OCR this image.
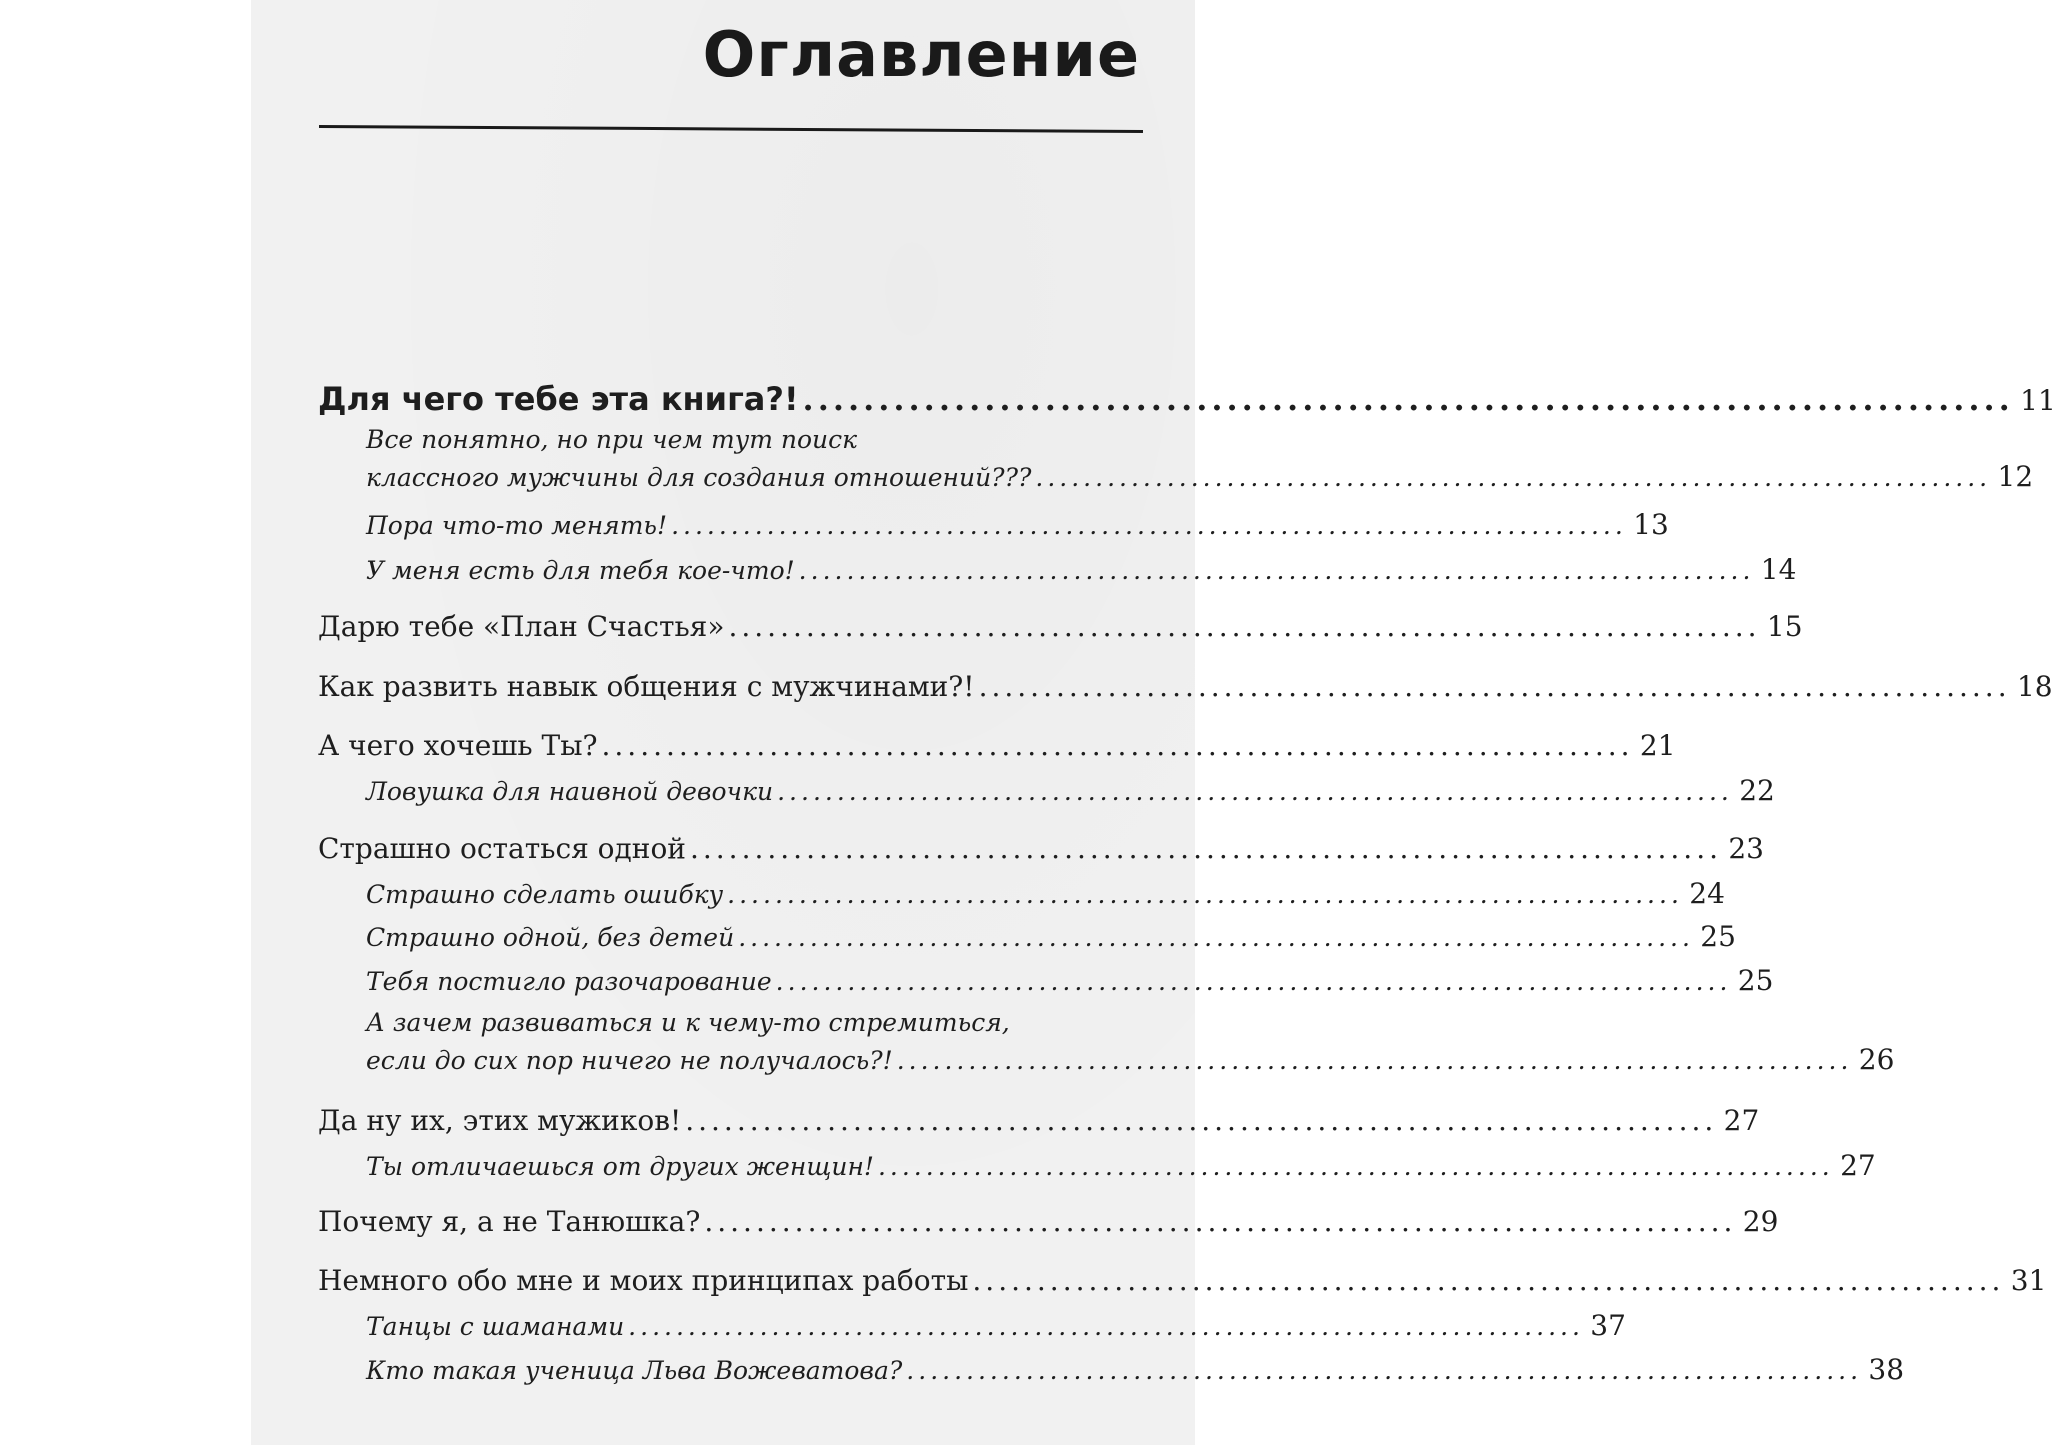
Оглавление
Для чего тебе эта книга?! ................................................................................ 11
Все понятно, но при чем тут поиск
классного мужчины для создания отношений??? ................................................................................ 12
Пора что-то менять! ................................................................................ 13
У меня есть для тебя кое-что! ................................................................................ 14
Дарю тебе «План Счастья» ................................................................................ 15
Как развить навык общения с мужчинами?! ................................................................................ 18
А чего хочешь Ты? ................................................................................ 21
Ловушка для наивной девочки ................................................................................ 22
Страшно остаться одной ................................................................................ 23
Страшно сделать ошибку ................................................................................ 24
Страшно одной, без детей ................................................................................ 25
Тебя постигло разочарование ................................................................................ 25
А зачем развиваться и к чему-то стремиться,
если до сих пор ничего не получалось?! ................................................................................ 26
Да ну их, этих мужиков! ................................................................................ 27
Ты отличаешься от других женщин! ................................................................................ 27
Почему я, а не Танюшка? ................................................................................ 29
Немного обо мне и моих принципах работы ................................................................................ 31
Танцы с шаманами ................................................................................ 37
Кто такая ученица Льва Вожеватова? ................................................................................ 38
